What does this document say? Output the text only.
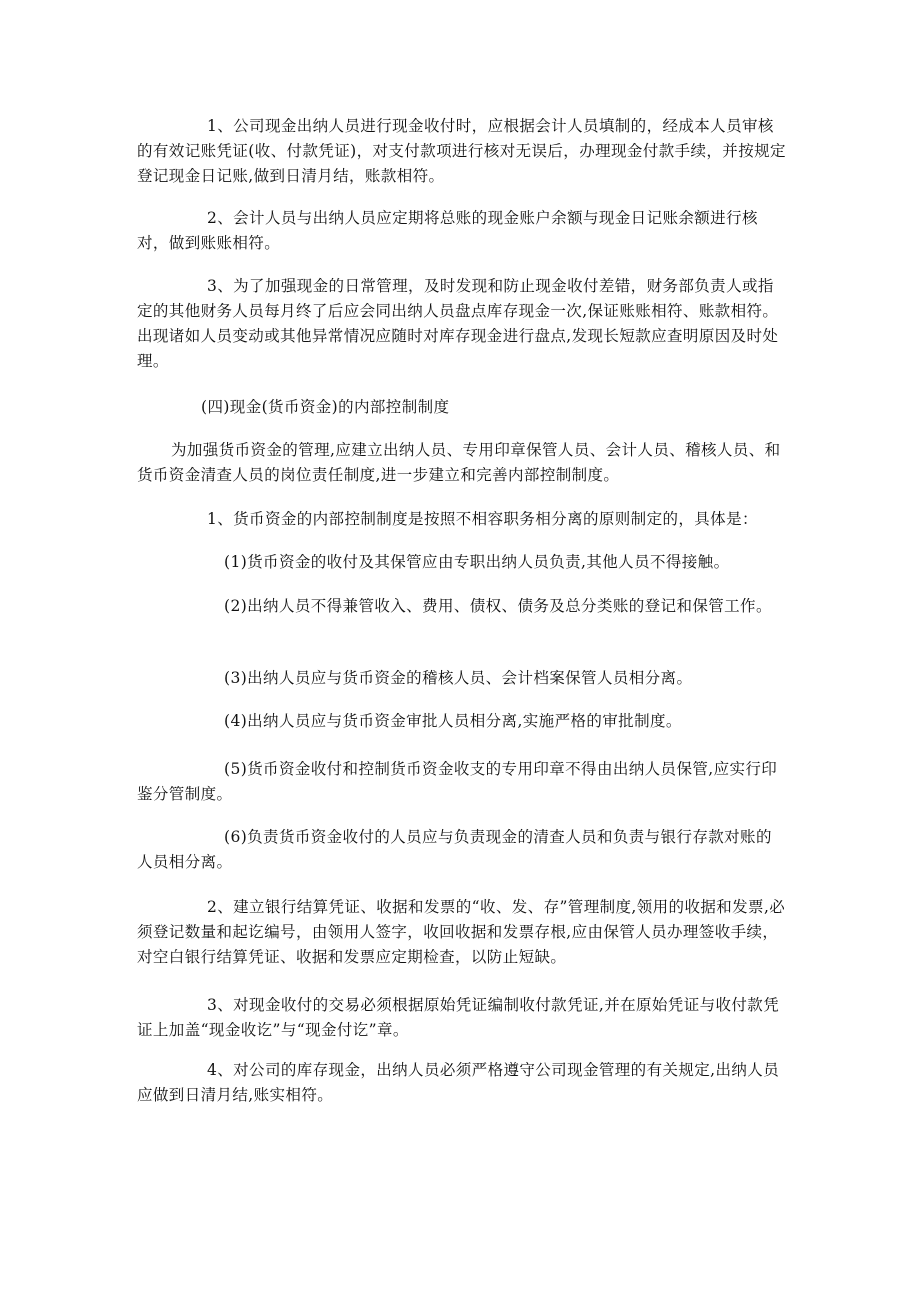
1、公司现金出纳人员进行现金收付时，应根据会计人员填制的，经成本人员审核的有效记账凭证(收、付款凭证)，对支付款项进行核对无误后，办理现金付款手续，并按规定登记现金日记账,做到日清月结，账款相符。

2、会计人员与出纳人员应定期将总账的现金账户余额与现金日记账余额进行核对，做到账账相符。

3、为了加强现金的日常管理，及时发现和防止现金收付差错，财务部负责人或指定的其他财务人员每月终了后应会同出纳人员盘点库存现金一次,保证账账相符、账款相符。出现诸如人员变动或其他异常情况应随时对库存现金进行盘点,发现长短款应查明原因及时处理。

(四)现金(货币资金)的内部控制制度

为加强货币资金的管理,应建立出纳人员、专用印章保管人员、会计人员、稽核人员、和货币资金清查人员的岗位责任制度,进一步建立和完善内部控制制度。

1、货币资金的内部控制制度是按照不相容职务相分离的原则制定的，具体是：

(1)货币资金的收付及其保管应由专职出纳人员负责,其他人员不得接触。

(2)出纳人员不得兼管收入、费用、债权、债务及总分类账的登记和保管工作。

(3)出纳人员应与货币资金的稽核人员、会计档案保管人员相分离。

(4)出纳人员应与货币资金审批人员相分离,实施严格的审批制度。

(5)货币资金收付和控制货币资金收支的专用印章不得由出纳人员保管,应实行印鉴分管制度。

(6)负责货币资金收付的人员应与负责现金的清查人员和负责与银行存款对账的人员相分离。

2、建立银行结算凭证、收据和发票的“收、发、存”管理制度,领用的收据和发票,必须登记数量和起讫编号，由领用人签字，收回收据和发票存根,应由保管人员办理签收手续，对空白银行结算凭证、收据和发票应定期检查，以防止短缺。

3、对现金收付的交易必须根据原始凭证编制收付款凭证,并在原始凭证与收付款凭证上加盖“现金收讫”与“现金付讫”章。

4、对公司的库存现金，出纳人员必须严格遵守公司现金管理的有关规定,出纳人员应做到日清月结,账实相符。
